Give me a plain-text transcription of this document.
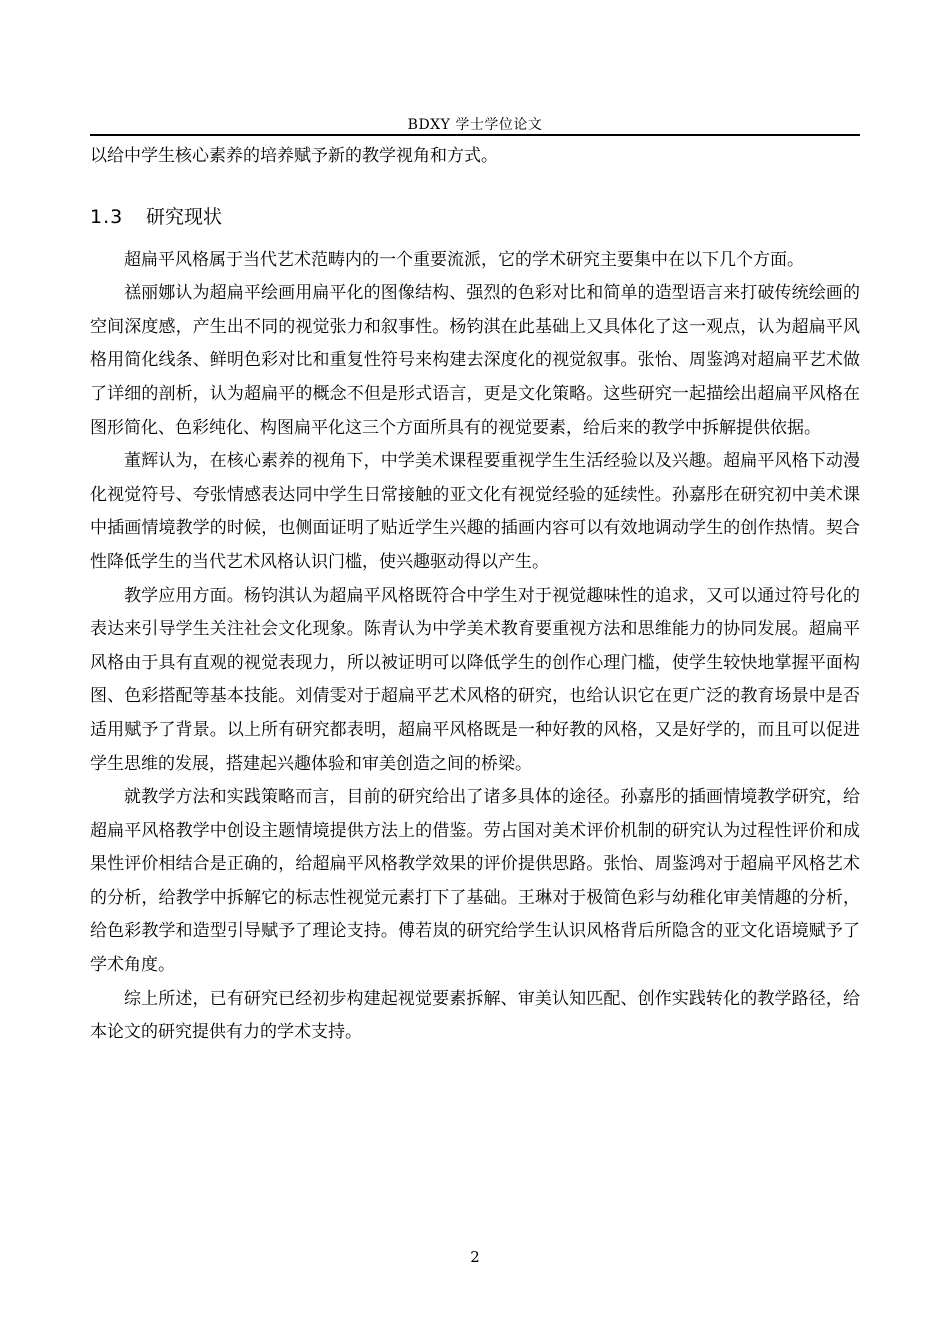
BDXY 学士学位论文

以给中学生核心素养的培养赋予新的教学视角和方式。

1.3 研究现状

超扁平风格属于当代艺术范畴内的一个重要流派，它的学术研究主要集中在以下几个方面。

禚丽娜认为超扁平绘画用扁平化的图像结构、强烈的色彩对比和简单的造型语言来打破传统绘画的空间深度感，产生出不同的视觉张力和叙事性。杨钧淇在此基础上又具体化了这一观点，认为超扁平风格用简化线条、鲜明色彩对比和重复性符号来构建去深度化的视觉叙事。张怡、周鉴鸿对超扁平艺术做了详细的剖析，认为超扁平的概念不但是形式语言，更是文化策略。这些研究一起描绘出超扁平风格在图形简化、色彩纯化、构图扁平化这三个方面所具有的视觉要素，给后来的教学中拆解提供依据。

董辉认为，在核心素养的视角下，中学美术课程要重视学生生活经验以及兴趣。超扁平风格下动漫化视觉符号、夸张情感表达同中学生日常接触的亚文化有视觉经验的延续性。孙嘉彤在研究初中美术课中插画情境教学的时候，也侧面证明了贴近学生兴趣的插画内容可以有效地调动学生的创作热情。契合性降低学生的当代艺术风格认识门槛，使兴趣驱动得以产生。

教学应用方面。杨钧淇认为超扁平风格既符合中学生对于视觉趣味性的追求，又可以通过符号化的表达来引导学生关注社会文化现象。陈青认为中学美术教育要重视方法和思维能力的协同发展。超扁平风格由于具有直观的视觉表现力，所以被证明可以降低学生的创作心理门槛，使学生较快地掌握平面构图、色彩搭配等基本技能。刘倩雯对于超扁平艺术风格的研究，也给认识它在更广泛的教育场景中是否适用赋予了背景。以上所有研究都表明，超扁平风格既是一种好教的风格，又是好学的，而且可以促进学生思维的发展，搭建起兴趣体验和审美创造之间的桥梁。

就教学方法和实践策略而言，目前的研究给出了诸多具体的途径。孙嘉彤的插画情境教学研究，给超扁平风格教学中创设主题情境提供方法上的借鉴。劳占国对美术评价机制的研究认为过程性评价和成果性评价相结合是正确的，给超扁平风格教学效果的评价提供思路。张怡、周鉴鸿对于超扁平风格艺术的分析，给教学中拆解它的标志性视觉元素打下了基础。王琳对于极简色彩与幼稚化审美情趣的分析，给色彩教学和造型引导赋予了理论支持。傅若岚的研究给学生认识风格背后所隐含的亚文化语境赋予了学术角度。

综上所述，已有研究已经初步构建起视觉要素拆解、审美认知匹配、创作实践转化的教学路径，给本论文的研究提供有力的学术支持。

2
